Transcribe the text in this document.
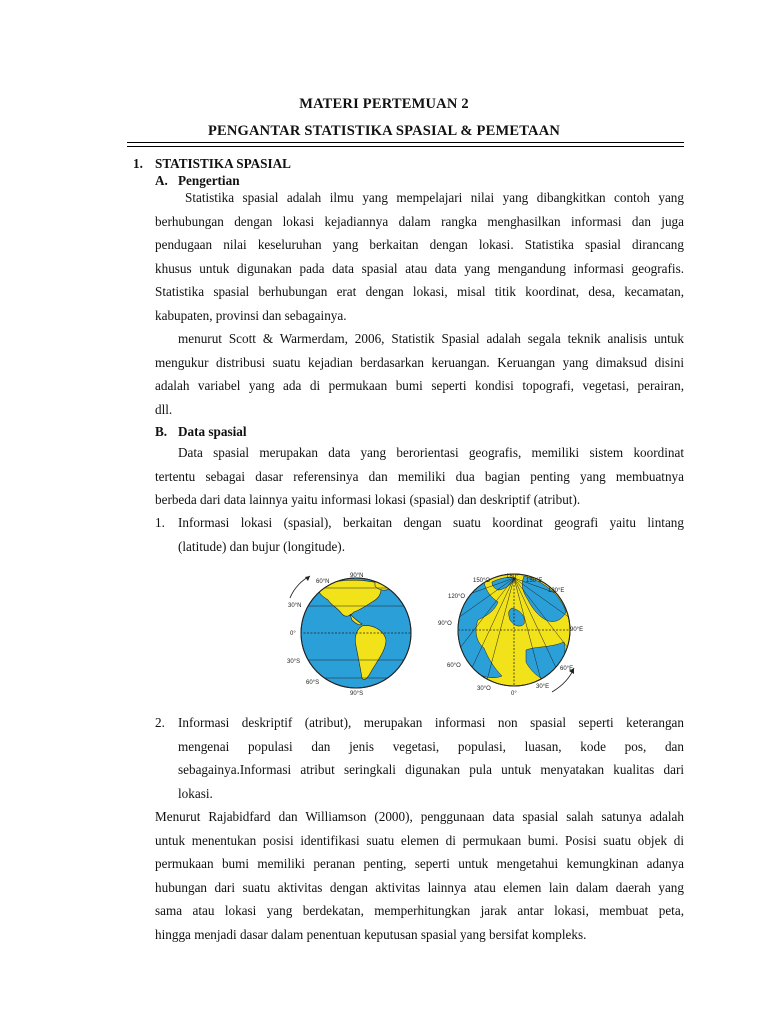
MATERI PERTEMUAN 2
PENGANTAR STATISTIKA SPASIAL & PEMETAAN
1. STATISTIKA SPASIAL
A. Pengertian
Statistika spasial adalah ilmu yang mempelajari nilai yang dibangkitkan contoh yang
berhubungan dengan lokasi kejadiannya dalam rangka menghasilkan informasi dan juga
pendugaan nilai keseluruhan yang berkaitan dengan lokasi. Statistika spasial dirancang
khusus untuk digunakan pada data spasial atau data yang mengandung informasi geografis.
Statistika spasial berhubungan erat dengan lokasi, misal titik koordinat, desa, kecamatan,
kabupaten, provinsi dan sebagainya.
menurut Scott & Warmerdam, 2006, Statistik Spasial adalah segala teknik analisis untuk
mengukur distribusi suatu kejadian berdasarkan keruangan. Keruangan yang dimaksud disini
adalah variabel yang ada di permukaan bumi seperti kondisi topografi, vegetasi, perairan,
dll.
B. Data spasial
Data spasial merupakan data yang berorientasi geografis, memiliki sistem koordinat
tertentu sebagai dasar referensinya dan memiliki dua bagian penting yang membuatnya
berbeda dari data lainnya yaitu informasi lokasi (spasial) dan deskriptif (atribut).
1. Informasi lokasi (spasial), berkaitan dengan suatu koordinat geografi yaitu lintang
(latitude) dan bujur (longitude).
90°N
60°N
30°N
0°
30°S
60°S
90°S
180°
150°O	150°E
120°E
120°O
90°O
90°E
60°O	60°E
30°O
0°
30°E
2. Informasi deskriptif (atribut), merupakan informasi non spasial seperti keterangan
mengenai populasi dan jenis vegetasi, populasi, luasan, kode pos, dan
sebagainya.Informasi atribut seringkali digunakan pula untuk menyatakan kualitas dari
lokasi.
Menurut Rajabidfard dan Williamson (2000), penggunaan data spasial salah satunya adalah
untuk menentukan posisi identifikasi suatu elemen di permukaan bumi. Posisi suatu objek di
permukaan bumi memiliki peranan penting, seperti untuk mengetahui kemungkinan adanya
hubungan dari suatu aktivitas dengan aktivitas lainnya atau elemen lain dalam daerah yang
sama atau lokasi yang berdekatan, memperhitungkan jarak antar lokasi, membuat peta,
hingga menjadi dasar dalam penentuan keputusan spasial yang bersifat kompleks.
